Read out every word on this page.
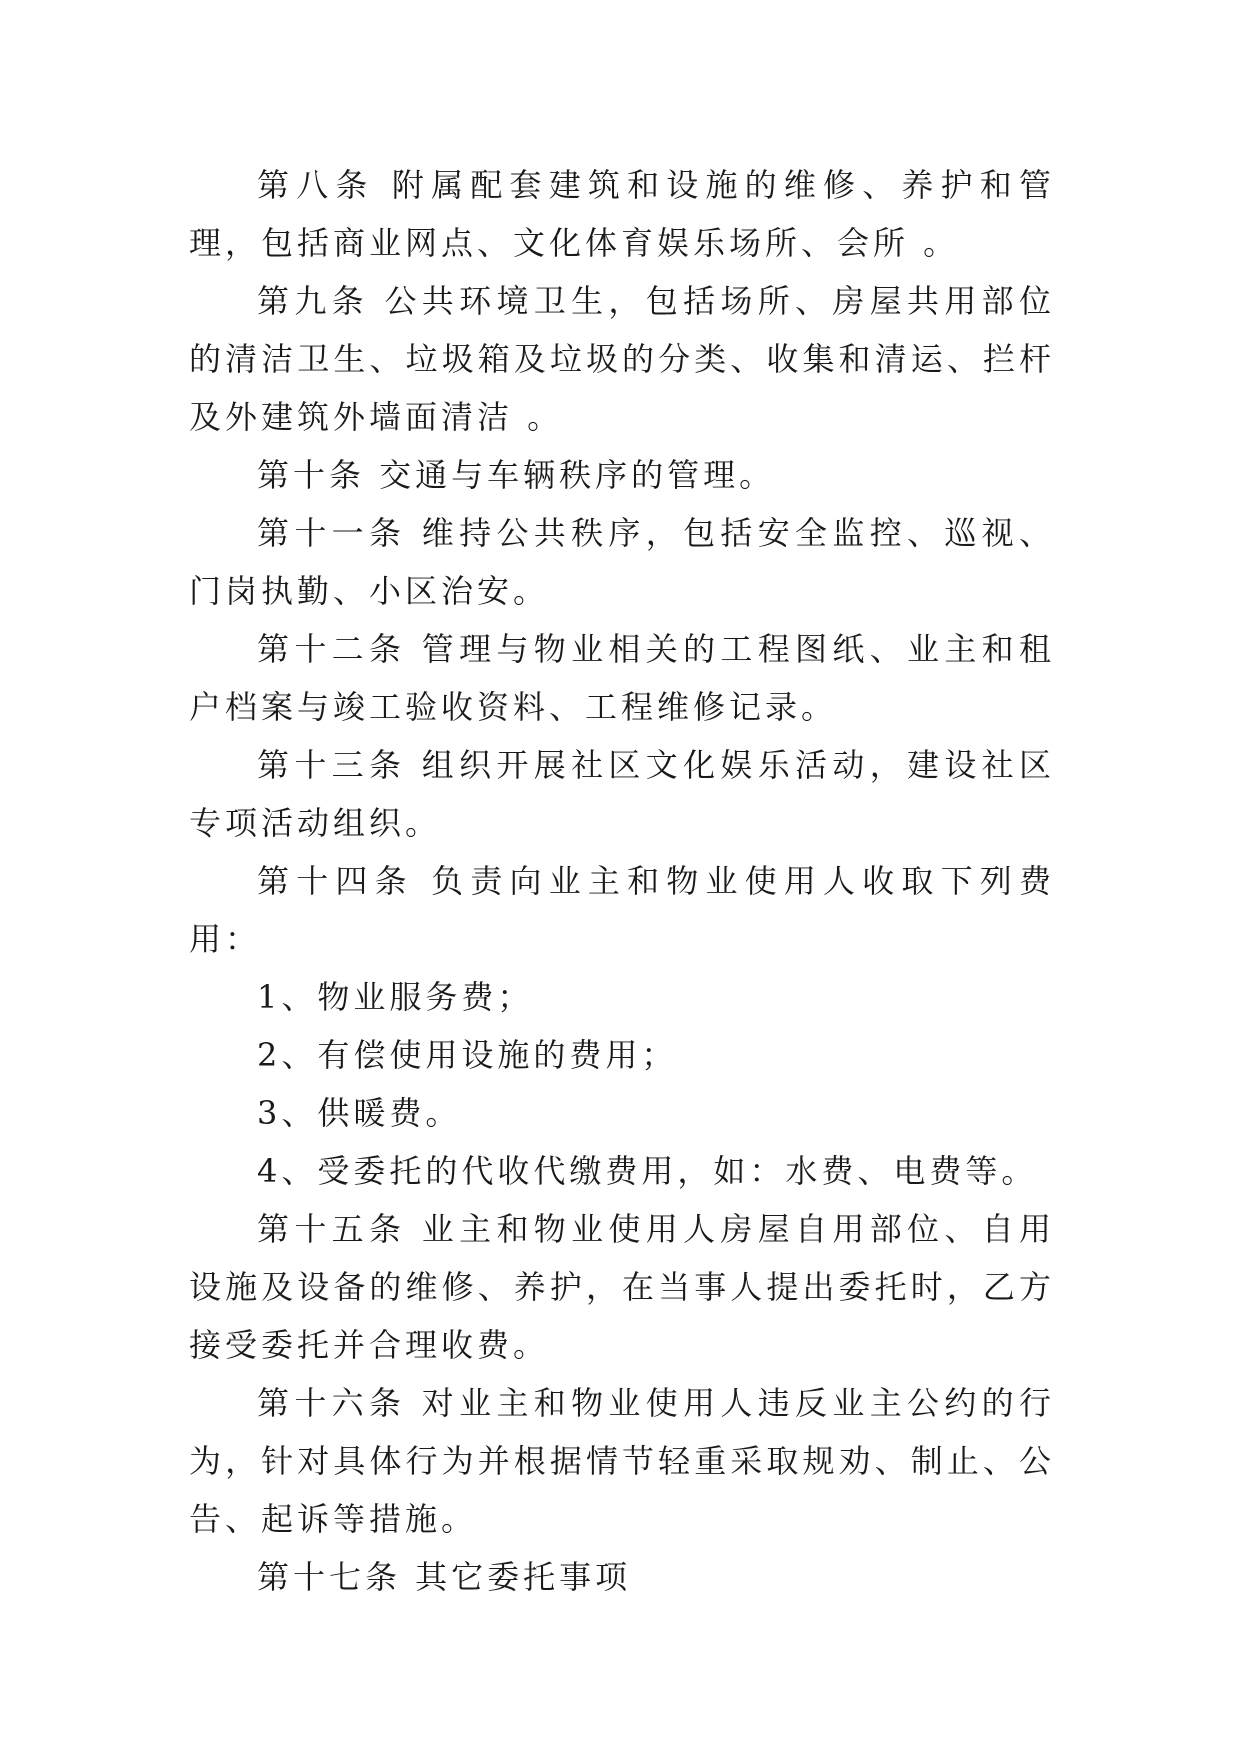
第八条 附属配套建筑和设施的维修、养护和管理，包括商业网点、文化体育娱乐场所、会所 。

第九条 公共环境卫生，包括场所、房屋共用部位的清洁卫生、垃圾箱及垃圾的分类、收集和清运、拦杆及外建筑外墙面清洁 。

第十条 交通与车辆秩序的管理。

第十一条 维持公共秩序，包括安全监控、巡视、门岗执勤、小区治安。

第十二条 管理与物业相关的工程图纸、业主和租户档案与竣工验收资料、工程维修记录。

第十三条 组织开展社区文化娱乐活动，建设社区专项活动组织。

第十四条 负责向业主和物业使用人收取下列费用：

1、物业服务费；

2、有偿使用设施的费用；

3、供暖费。

4、受委托的代收代缴费用，如：水费、电费等。

第十五条 业主和物业使用人房屋自用部位、自用设施及设备的维修、养护，在当事人提出委托时，乙方接受委托并合理收费。

第十六条 对业主和物业使用人违反业主公约的行为，针对具体行为并根据情节轻重采取规劝、制止、公告、起诉等措施。

第十七条 其它委托事项
